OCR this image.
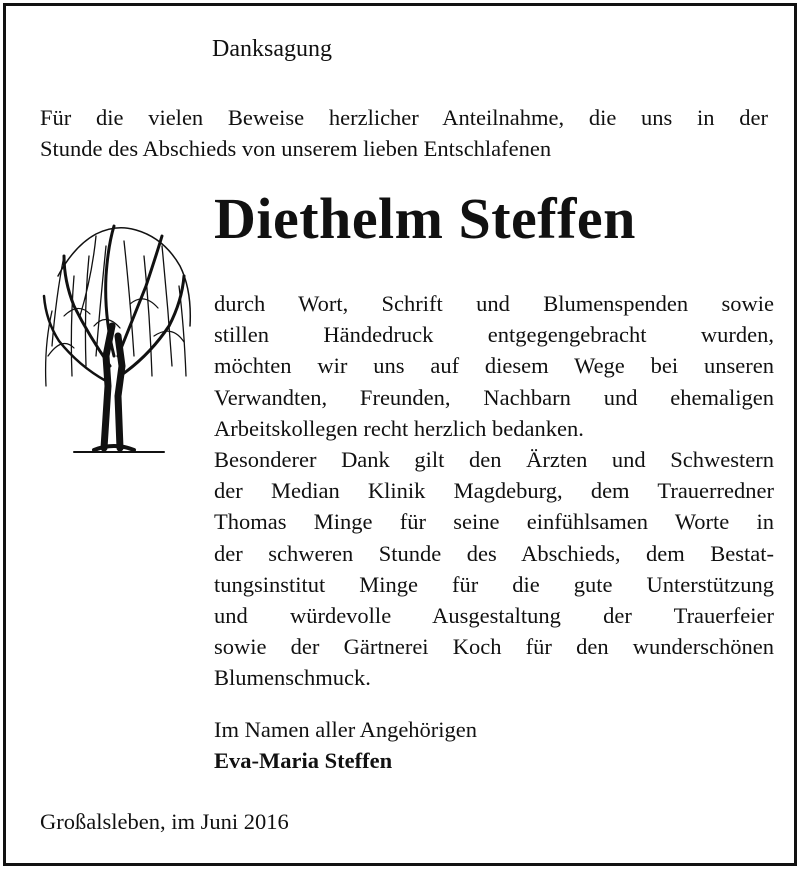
Danksagung
Für die vielen Beweise herzlicher Anteilnahme, die uns in der
Stunde des Abschieds von unserem lieben Entschlafenen
Diethelm Steffen
durch Wort, Schrift und Blumenspenden sowie
stillen Händedruck entgegengebracht wurden,
möchten wir uns auf diesem Wege bei unseren
Verwandten, Freunden, Nachbarn und ehemaligen
Arbeitskollegen recht herzlich bedanken.
Besonderer Dank gilt den Ärzten und Schwestern
der Median Klinik Magdeburg, dem Trauerredner
Thomas Minge für seine einfühlsamen Worte in
der schweren Stunde des Abschieds, dem Bestat-
tungsinstitut Minge für die gute Unterstützung
und würdevolle Ausgestaltung der Trauerfeier
sowie der Gärtnerei Koch für den wunderschönen
Blumenschmuck.
Im Namen aller Angehörigen
Eva-Maria Steffen
Großalsleben, im Juni 2016
